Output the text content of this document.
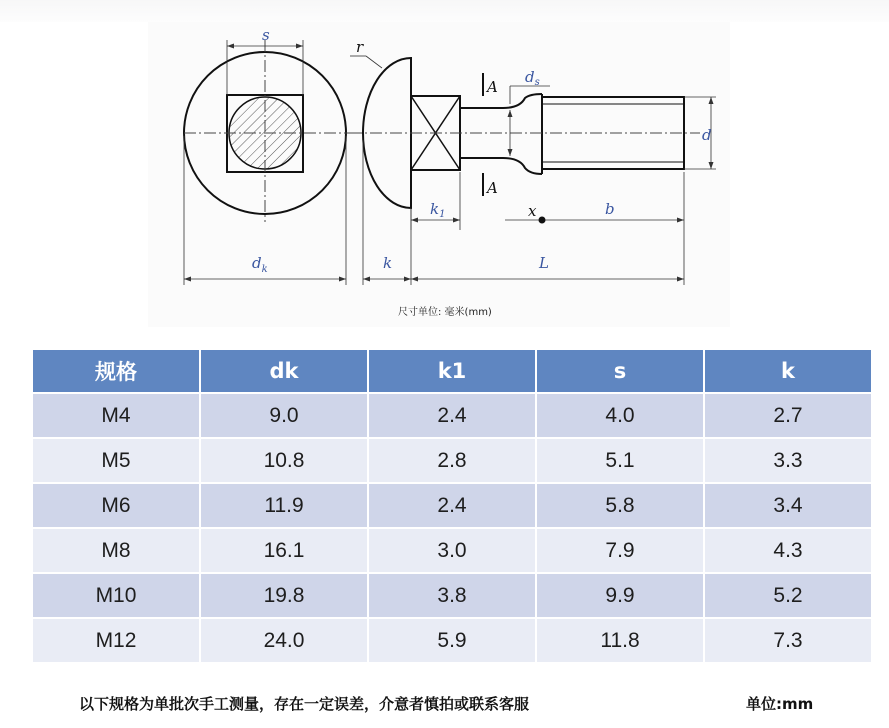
s
$d_k$
r
A
A
$d_s$
d
$k_1$	x	b
k	L
尺寸单位: 毫米(mm)
规格	dk	k1	s	k
M4	9.0	2.4	4.0	2.7
M5	10.8	2.8	5.1	3.3
M6	11.9	2.4	5.8	3.4
M8	16.1	3.0	7.9	4.3
M10	19.8	3.8	9.9	5.2
M12	24.0	5.9	11.8	7.3
以下规格为单批次手工测量，存在一定误差，介意者慎拍或联系客服	单位:mm
